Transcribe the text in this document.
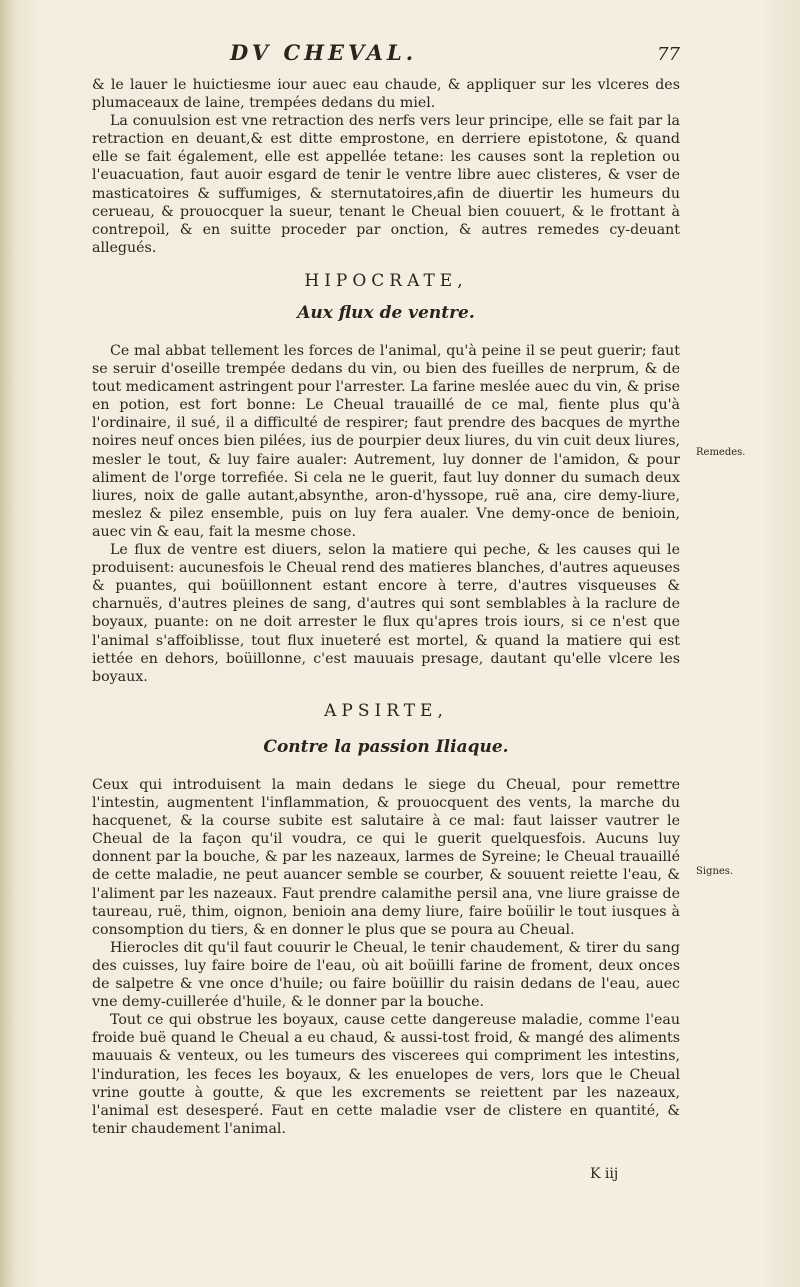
DV CHEVAL.	77

& le lauer le huictiesme iour auec eau chaude, & appliquer sur les vlceres des plumaceaux de laine, trempées dedans du miel.

La conuulsion est vne retraction des nerfs vers leur principe, elle se fait par la retraction en deuant,& est ditte emprostone, en derriere epistotone, & quand elle se fait également, elle est appellée tetane: les causes sont la repletion ou l'euacuation, faut auoir esgard de tenir le ventre libre auec clisteres, & vser de masticatoires & suffumiges, & sternutatoires,afin de diuertir les humeurs du cerueau, & prouocquer la sueur, tenant le Cheual bien couuert, & le frottant à contrepoil, & en suitte proceder par onction, & autres remedes cy-deuant allegués.

HIPOCRATE,
Aux flux de ventre.

Ce mal abbat tellement les forces de l'animal, qu'à peine il se peut guerir; faut se seruir d'oseille trempée dedans du vin, ou bien des fueilles de nerprum, & de tout medicament astringent pour l'arrester. La farine meslée auec du vin, & prise en potion, est fort bonne: Le Cheual trauaillé de ce mal, fiente plus qu'à l'ordinaire, il sué, il a difficulté de respirer; faut prendre des bacques de myrthe noires neuf onces bien pilées, ius de pourpier deux liures, du vin cuit deux liures, mesler le tout, & luy faire aualer: Autrement, luy donner de l'amidon, & pour aliment de l'orge torrefiée. Si cela ne le guerit, faut luy donner du sumach deux liures, noix de galle autant,absynthe, aron-d'hyssope, ruë ana, cire demy-liure, meslez & pilez ensemble, puis on luy fera aualer. Vne demy-once de benioin, auec vin & eau, fait la mesme chose.

Le flux de ventre est diuers, selon la matiere qui peche, & les causes qui le produisent: aucunesfois le Cheual rend des matieres blanches, d'autres aqueuses & puantes, qui boüillonnent estant encore à terre, d'autres visqueuses & charnuës, d'autres pleines de sang, d'autres qui sont semblables à la raclure de boyaux, puante: on ne doit arrester le flux qu'apres trois iours, si ce n'est que l'animal s'affoiblisse, tout flux inueteré est mortel, & quand la matiere qui est iettée en dehors, boüillonne, c'est mauuais presage, dautant qu'elle vlcere les boyaux.

APSIRTE,
Contre la passion Iliaque.

Ceux qui introduisent la main dedans le siege du Cheual, pour remettre l'intestin, augmentent l'inflammation, & prouocquent des vents, la marche du hacquenet, & la course subite est salutaire à ce mal: faut laisser vautrer le Cheual de la façon qu'il voudra, ce qui le guerit quelquesfois. Aucuns luy donnent par la bouche, & par les nazeaux, larmes de Syreine; le Cheual trauaillé de cette maladie, ne peut auancer semble se courber, & souuent reiette l'eau, & l'aliment par les nazeaux. Faut prendre calamithe persil ana, vne liure graisse de taureau, ruë, thim, oignon, benioin ana demy liure, faire boüilir le tout iusques à consomption du tiers, & en donner le plus que se poura au Cheual.

Hierocles dit qu'il faut couurir le Cheual, le tenir chaudement, & tirer du sang des cuisses, luy faire boire de l'eau, où ait boüilli farine de froment, deux onces de salpetre & vne once d'huile; ou faire boüillir du raisin dedans de l'eau, auec vne demy-cuillerée d'huile, & le donner par la bouche.

Tout ce qui obstrue les boyaux, cause cette dangereuse maladie, comme l'eau froide buë quand le Cheual a eu chaud, & aussi-tost froid, & mangé des aliments mauuais & venteux, ou les tumeurs des viscerees qui compriment les intestins, l'induration, les feces les boyaux, & les enuelopes de vers, lors que le Cheual vrine goutte à goutte, & que les excrements se reiettent par les nazeaux, l'animal est desesperé. Faut en cette maladie vser de clistere en quantité, & tenir chaudement l'animal.

Remedes.
Signes.
K iij
